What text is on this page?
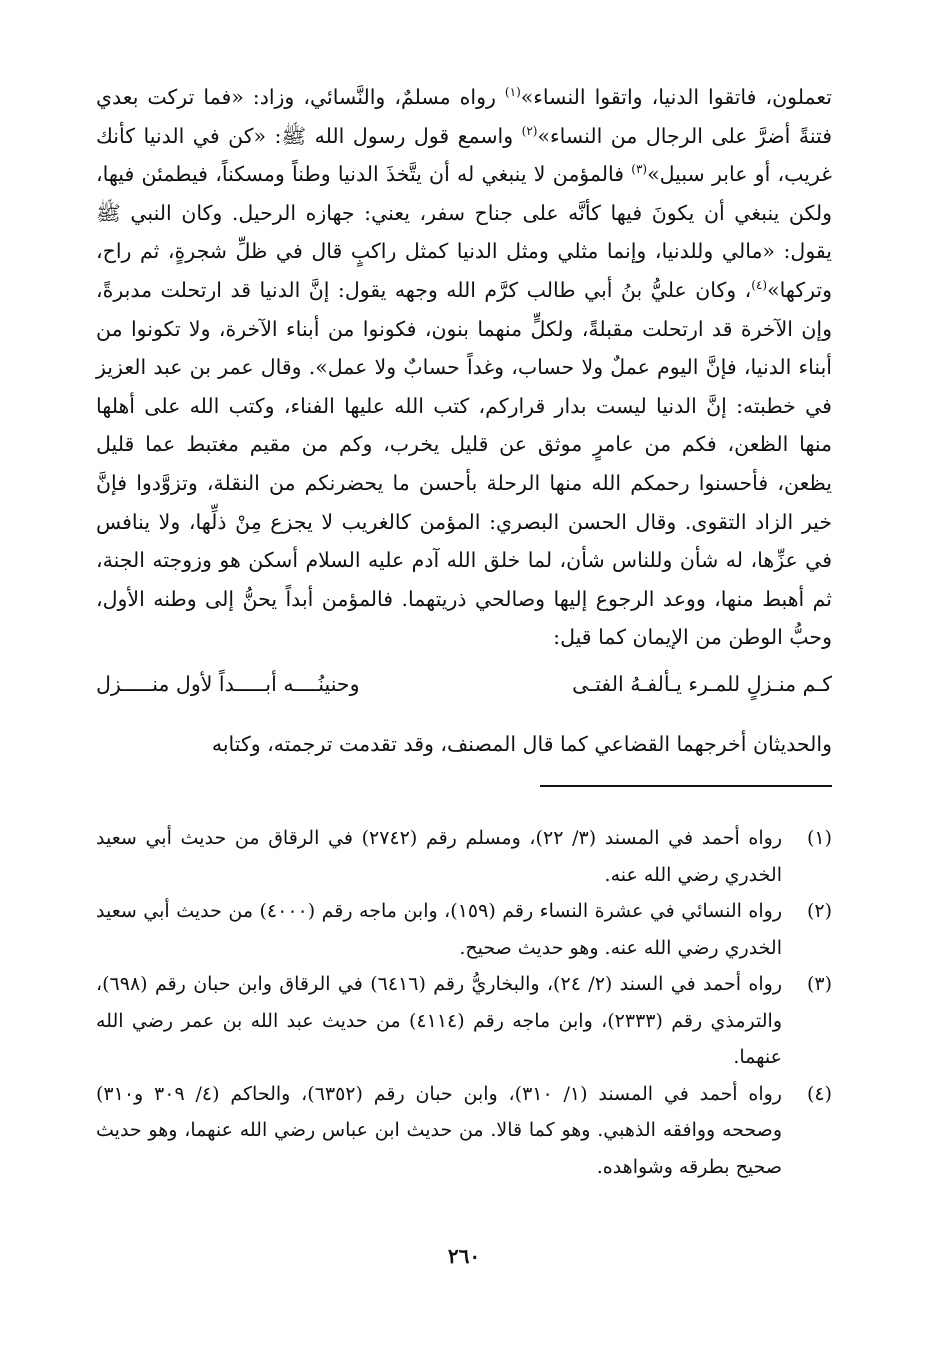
تعملون، فاتقوا الدنيا، واتقوا النساء»$^{(١)}$ رواه مسلمٌ، والنَّسائي، وزاد: «فما تركت بعدي فتنةً أضرَّ على الرجال من النساء»$^{(٢)}$ واسمع قول رسول الله ﷺ: «كن في الدنيا كأنك غريب، أو عابر سبيل»$^{(٣)}$ فالمؤمن لا ينبغي له أن يتَّخذَ الدنيا وطناً ومسكناً، فيطمئن فيها، ولكن ينبغي أن يكونَ فيها كأنَّه على جناح سفر، يعني: جهازه الرحيل. وكان النبي ﷺ يقول: «مالي وللدنيا، وإنما مثلي ومثل الدنيا كمثل راكبٍ قال في ظلِّ شجرةٍ، ثم راح، وتركها»$^{(٤)}$، وكان عليُّ بنُ أبي طالب كرَّم الله وجهه يقول: إنَّ الدنيا قد ارتحلت مدبرةً، وإن الآخرة قد ارتحلت مقبلةً، ولكلٍّ منهما بنون، فكونوا من أبناء الآخرة، ولا تكونوا من أبناء الدنيا، فإنَّ اليوم عملٌ ولا حساب، وغداً حسابٌ ولا عمل». وقال عمر بن عبد العزيز في خطبته: إنَّ الدنيا ليست بدار قراركم، كتب الله عليها الفناء، وكتب الله على أهلها منها الظعن، فكم من عامرٍ موثق عن قليل يخرب، وكم من مقيم مغتبط عما قليل يظعن، فأحسنوا رحمكم الله منها الرحلة بأحسن ما يحضرنكم من النقلة، وتزوَّدوا فإنَّ خير الزاد التقوى. وقال الحسن البصري: المؤمن كالغريب لا يجزع مِنْ ذلِّها، ولا ينافس في عزِّها، له شأن وللناس شأن، لما خلق الله آدم عليه السلام أسكن هو وزوجته الجنة، ثم أهبط منها، ووعد الرجوع إليها وصالحي ذريتهما. فالمؤمن أبداً يحنُّ إلى وطنه الأول، وحبُّ الوطن من الإيمان كما قيل:

كـم منـزلٍ للمـرء يـألفـهُ الفتـى
وحنينُــــه أبـــــداً لأول منـــــزل

والحديثان أخرجهما القضاعي كما قال المصنف، وقد تقدمت ترجمته، وكتابه

(١)
رواه أحمد في المسند (٣/ ٢٢)، ومسلم رقم (٢٧٤٢) في الرقاق من حديث أبي سعيد الخدري رضي الله عنه.
(٢)
رواه النسائي في عشرة النساء رقم (١٥٩)، وابن ماجه رقم (٤٠٠٠) من حديث أبي سعيد الخدري رضي الله عنه. وهو حديث صحيح.
(٣)
رواه أحمد في السند (٢/ ٢٤)، والبخاريُّ رقم (٦٤١٦) في الرقاق وابن حبان رقم (٦٩٨)، والترمذي رقم (٢٣٣٣)، وابن ماجه رقم (٤١١٤) من حديث عبد الله بن عمر رضي الله عنهما.
(٤)
رواه أحمد في المسند (١/ ٣١٠)، وابن حبان رقم (٦٣٥٢)، والحاكم (٤/ ٣٠٩ و٣١٠) وصححه ووافقه الذهبي. وهو كما قالا. من حديث ابن عباس رضي الله عنهما، وهو حديث صحيح بطرقه وشواهده.
٢٦٠
